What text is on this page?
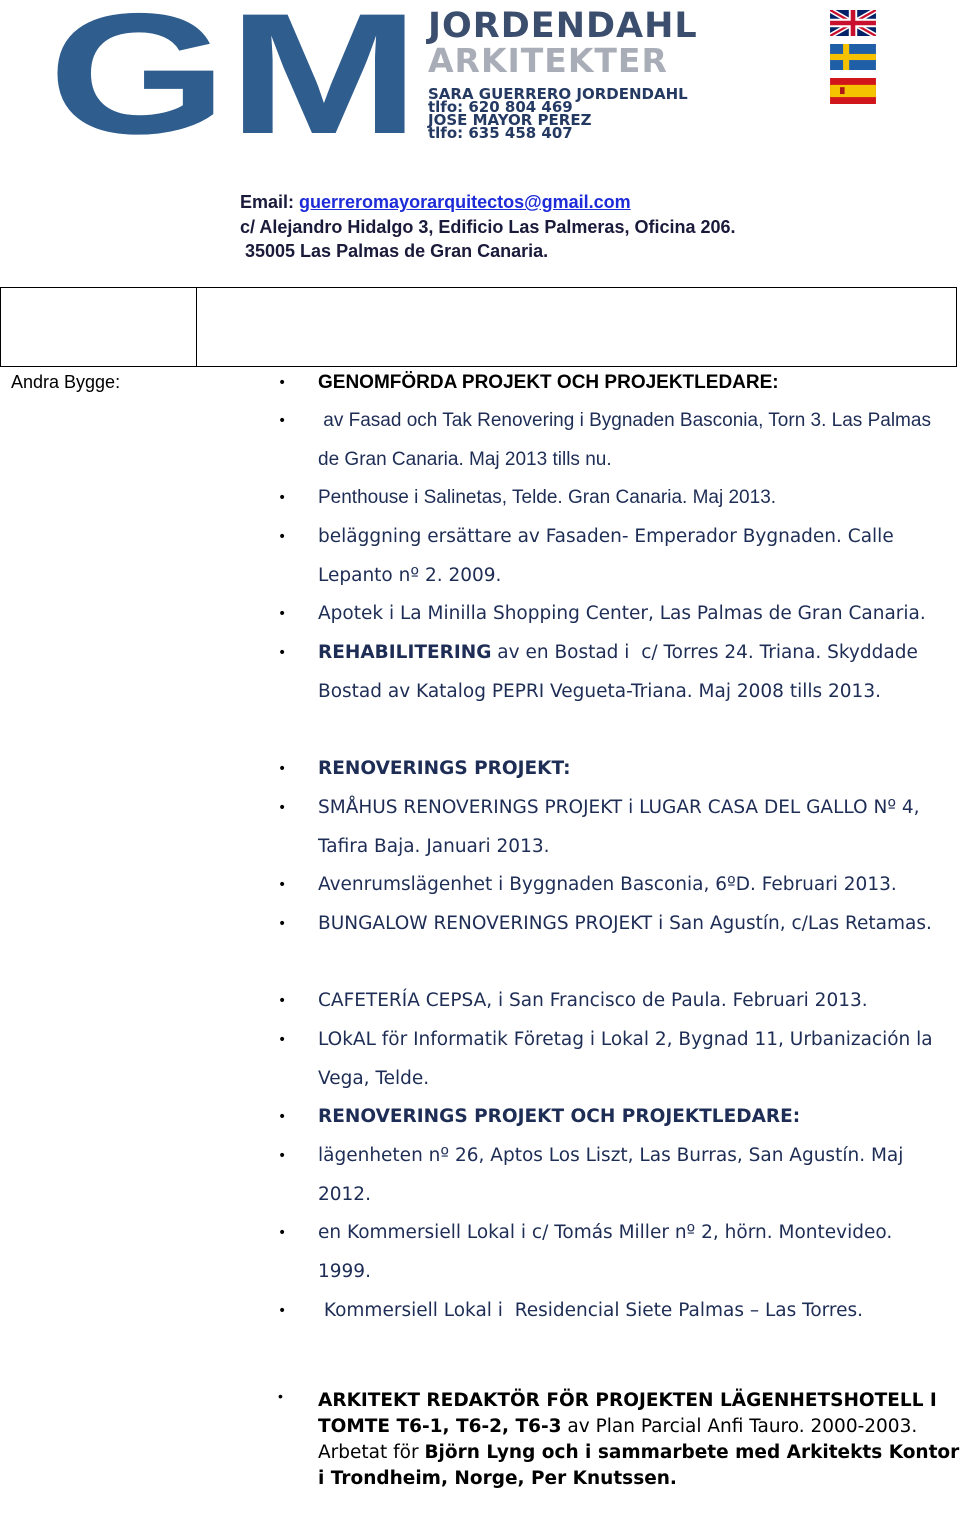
GM JORDENDAHL
ARKITEKTER
SARA GUERRERO JORDENDAHL
tlfo: 620 804 469
JOSE MAYOR PEREZ
tlfo: 635 458 407
Email: guerreromayorarquitectos@gmail.com
c/ Alejandro Hidalgo 3, Edificio Las Palmeras, Oficina 206.
35005 Las Palmas de Gran Canaria.
Andra Bygge:	• GENOMFÖRDA PROJEKT OCH PROJEKTLEDARE:
• av Fasad och Tak Renovering i Bygnaden Basconia, Torn 3. Las Palmas de Gran Canaria. Maj 2013 tills nu.
• Penthouse i Salinetas, Telde. Gran Canaria. Maj 2013.
• beläggning ersättare av Fasaden- Emperador Bygnaden. Calle Lepanto nº 2. 2009.
• Apotek i La Minilla Shopping Center, Las Palmas de Gran Canaria.
• REHABILITERING av en Bostad i  c/ Torres 24. Triana. Skyddade Bostad av Katalog PEPRI Vegueta-Triana. Maj 2008 tills 2013.
• RENOVERINGS PROJEKT:
• SMÅHUS RENOVERINGS PROJEKT i LUGAR CASA DEL GALLO Nº 4, Tafira Baja. Januari 2013.
• Avenrumslägenhet i Byggnaden Basconia, 6ºD. Februari 2013.
• BUNGALOW RENOVERINGS PROJEKT i San Agustín, c/Las Retamas.
• CAFETERÍA CEPSA, i San Francisco de Paula. Februari 2013.
• LOkAL för Informatik Företag i Lokal 2, Bygnad 11, Urbanización la Vega, Telde.
• RENOVERINGS PROJEKT OCH PROJEKTLEDARE:
• lägenheten nº 26, Aptos Los Liszt, Las Burras, San Agustín. Maj 2012.
• en Kommersiell Lokal i c/ Tomás Miller nº 2, hörn. Montevideo. 1999.
• Kommersiell Lokal i  Residencial Siete Palmas – Las Torres.
• ARKITEKT REDAKTÖR FÖR PROJEKTEN LÄGENHETSHOTELL I TOMTE T6-1, T6-2, T6-3 av Plan Parcial Anfi Tauro. 2000-2003. Arbetat för Björn Lyng och i sammarbete med Arkitekts Kontor i Trondheim, Norge, Per Knutssen.
